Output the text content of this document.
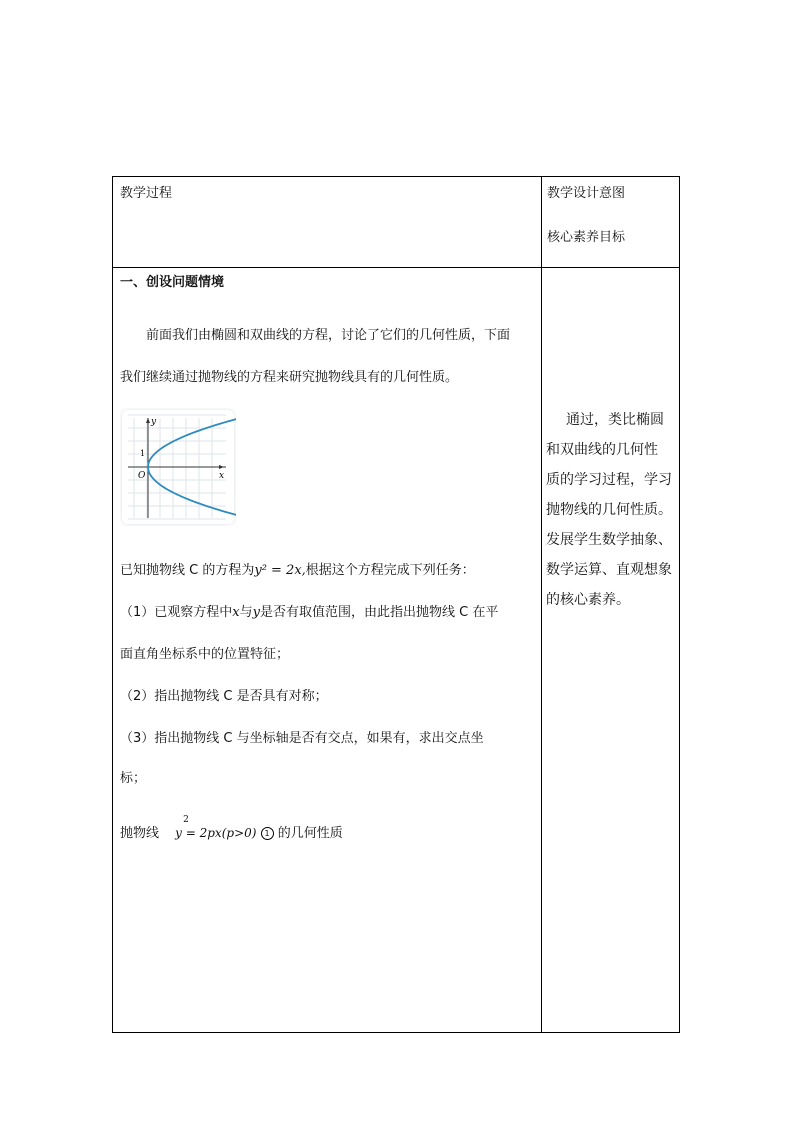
教学过程	教学设计意图
核心素养目标
一、创设问题情境
前面我们由椭圆和双曲线的方程，讨论了它们的几何性质，下面
我们继续通过抛物线的方程来研究抛物线具有的几何性质。
y
x
O
1
已知抛物线 C 的方程为y² = 2x,根据这个方程完成下列任务：
（1）已观察方程中x与y是否有取值范围，由此指出抛物线 C 在平
面直角坐标系中的位置特征；
（2）指出抛物线 C 是否具有对称；
（3）指出抛物线 C 与坐标轴是否有交点，如果有，求出交点坐
标；
抛物线
2
y = 2px(p>0) 1 的几何性质
通过，类比椭圆
和双曲线的几何性
质的学习过程，学习
抛物线的几何性质。
发展学生数学抽象、
数学运算、直观想象
的核心素养。
